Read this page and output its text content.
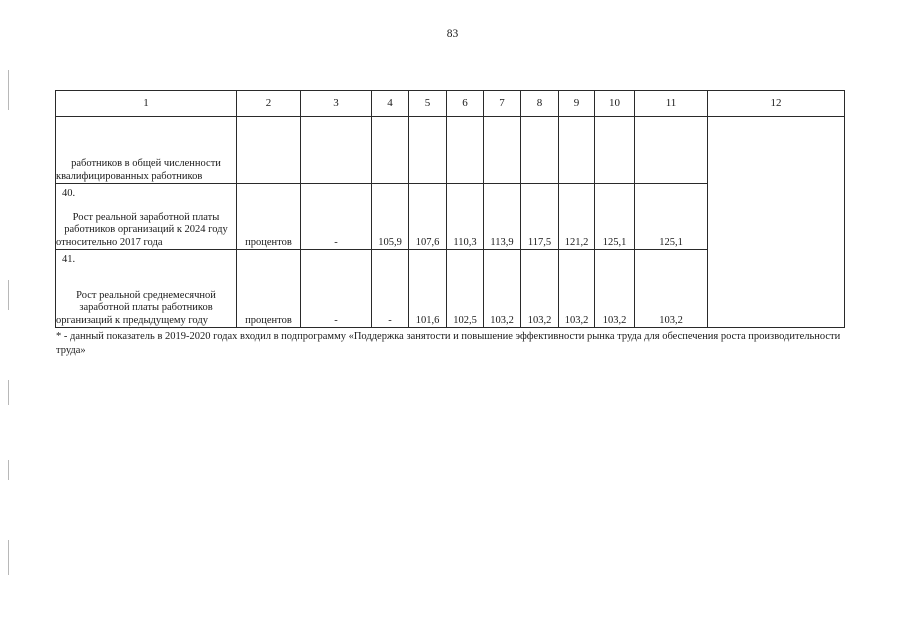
83
1	2	3	4	5	6	7	8	9	10	11	12

работников в общей численности квалифицированных работников											

40.
Рост реальной заработной платы работников организаций к 2024 году относительно 2017 года	процентов	-	105,9	107,6	110,3	113,9	117,5	121,2	125,1	125,1	

41.
Рост реальной среднемесячной заработной платы работников организаций к предыдущему году	процентов	-	-	101,6	102,5	103,2	103,2	103,2	103,2	103,2	
* - данный показатель в 2019-2020 годах входил в подпрограмму «Поддержка занятости и повышение эффективности рынка труда для обеспечения роста производительности труда»
